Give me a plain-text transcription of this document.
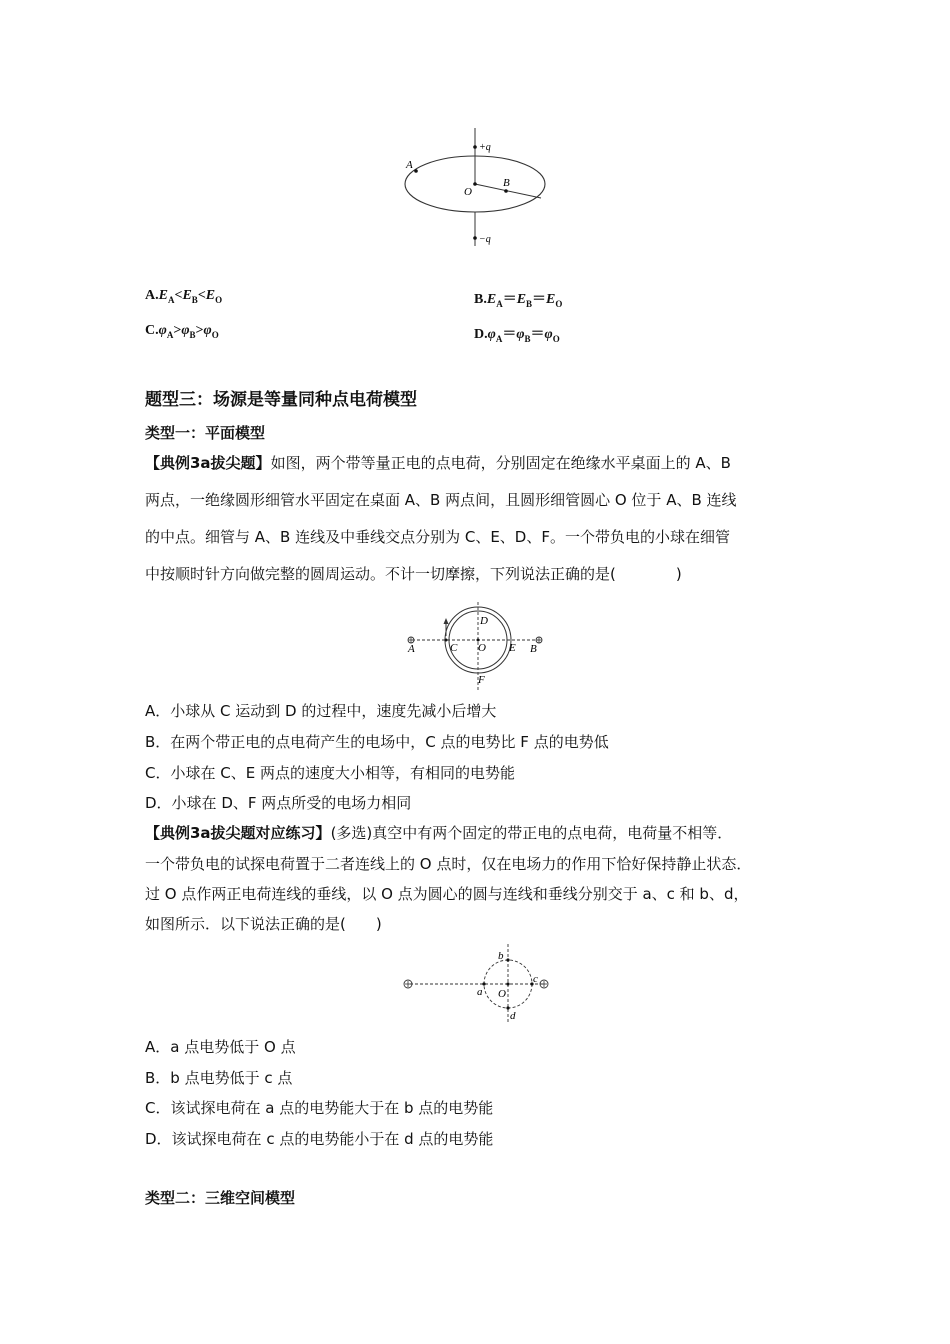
+q
−q
A
O
B
$A.E_A<E_B<E_O$	$B.E_A=E_B=E_O$
$C.\varphi_A>\varphi_B>\varphi_O$	$D.\varphi_A=\varphi_B=\varphi_O$
题型三：场源是等量同种点电荷模型
类型一：平面模型
【典例3a拔尖题】如图，两个带等量正电的点电荷，分别固定在绝缘水平桌面上的 A、B
两点，一绝缘圆形细管水平固定在桌面 A、B 两点间，且圆形细管圆心 O 位于 A、B 连线
的中点。细管与 A、B 连线及中垂线交点分别为 C、E、D、F。一个带负电的小球在细管
中按顺时针方向做完整的圆周运动。不计一切摩擦，下列说法正确的是(　　　　)
A	B
C O E
D
F
A．小球从 C 运动到 D 的过程中，速度先减小后增大
B．在两个带正电的点电荷产生的电场中，C 点的电势比 F 点的电势低
C．小球在 C、E 两点的速度大小相等，有相同的电势能
D．小球在 D、F 两点所受的电场力相同
【典例3a拔尖题对应练习】(多选)真空中有两个固定的带正电的点电荷，电荷量不相等．
一个带负电的试探电荷置于二者连线上的 O 点时，仅在电场力的作用下恰好保持静止状态．
过 O 点作两正电荷连线的垂线，以 O 点为圆心的圆与连线和垂线分别交于 a、c 和 b、d，
如图所示．以下说法正确的是(　　)
a O
c
b
d
A．a 点电势低于 O 点
B．b 点电势低于 c 点
C．该试探电荷在 a 点的电势能大于在 b 点的电势能
D．该试探电荷在 c 点的电势能小于在 d 点的电势能
类型二：三维空间模型
